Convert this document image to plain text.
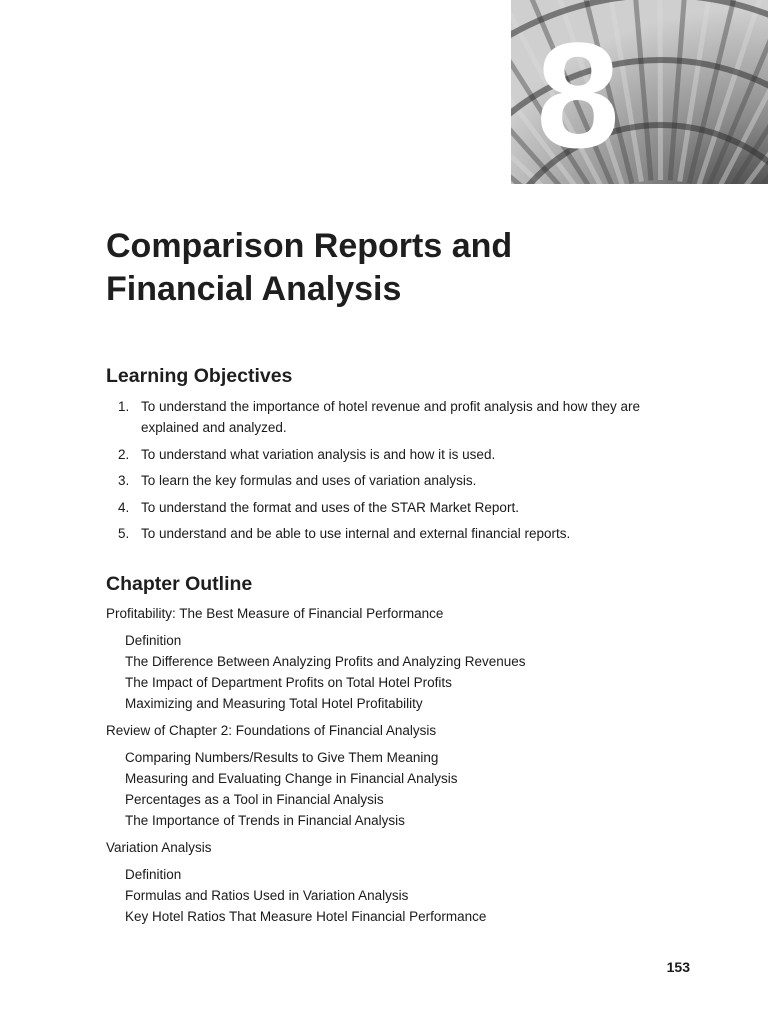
8
Comparison Reports and
Financial Analysis
Learning Objectives
1. To understand the importance of hotel revenue and profit analysis and how they are explained and analyzed.
2. To understand what variation analysis is and how it is used.
3. To learn the key formulas and uses of variation analysis.
4. To understand the format and uses of the STAR Market Report.
5. To understand and be able to use internal and external financial reports.
Chapter Outline

Profitability: The Best Measure of Financial Performance

Definition

The Difference Between Analyzing Profits and Analyzing Revenues

The Impact of Department Profits on Total Hotel Profits

Maximizing and Measuring Total Hotel Profitability

Review of Chapter 2: Foundations of Financial Analysis

Comparing Numbers/Results to Give Them Meaning

Measuring and Evaluating Change in Financial Analysis

Percentages as a Tool in Financial Analysis

The Importance of Trends in Financial Analysis

Variation Analysis

Definition

Formulas and Ratios Used in Variation Analysis

Key Hotel Ratios That Measure Hotel Financial Performance

153
